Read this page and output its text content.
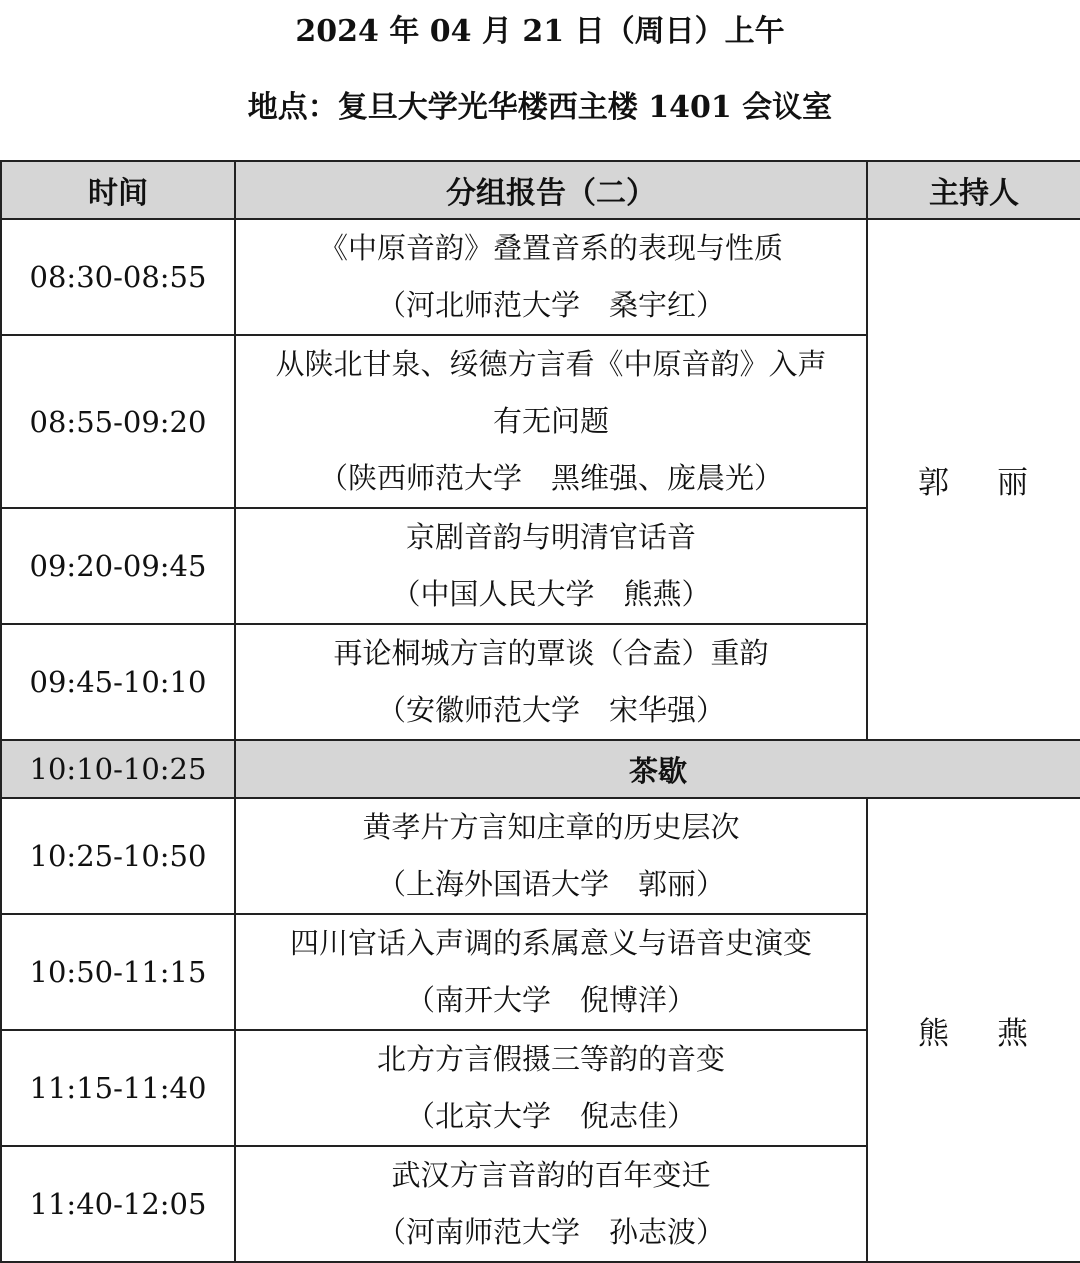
2024 年 04 月 21 日（周日）上午
地点：复旦大学光华楼西主楼 1401 会议室
时间	分组报告（二）	主持人
08:30-08:55	《中原音韵》叠置音系的表现与性质
（河北师范大学　桑宇红）	郭 丽
08:55-09:20	从陕北甘泉、绥德方言看《中原音韵》入声
有无问题
（陕西师范大学　黑维强、庞晨光）	

09:20-09:45	京剧音韵与明清官话音
（中国人民大学　熊燕）	

09:45-10:10	再论桐城方言的覃谈（合盍）重韵
（安徽师范大学　宋华强）	

10:10-10:25	茶歇	
10:25-10:50	黄孝片方言知庄章的历史层次
（上海外国语大学　郭丽）	熊 燕
10:50-11:15	四川官话入声调的系属意义与语音史演变
（南开大学　倪博洋）	

11:15-11:40	北方方言假摄三等韵的音变
（北京大学　倪志佳）	

11:40-12:05	武汉方言音韵的百年变迁
（河南师范大学　孙志波）	
